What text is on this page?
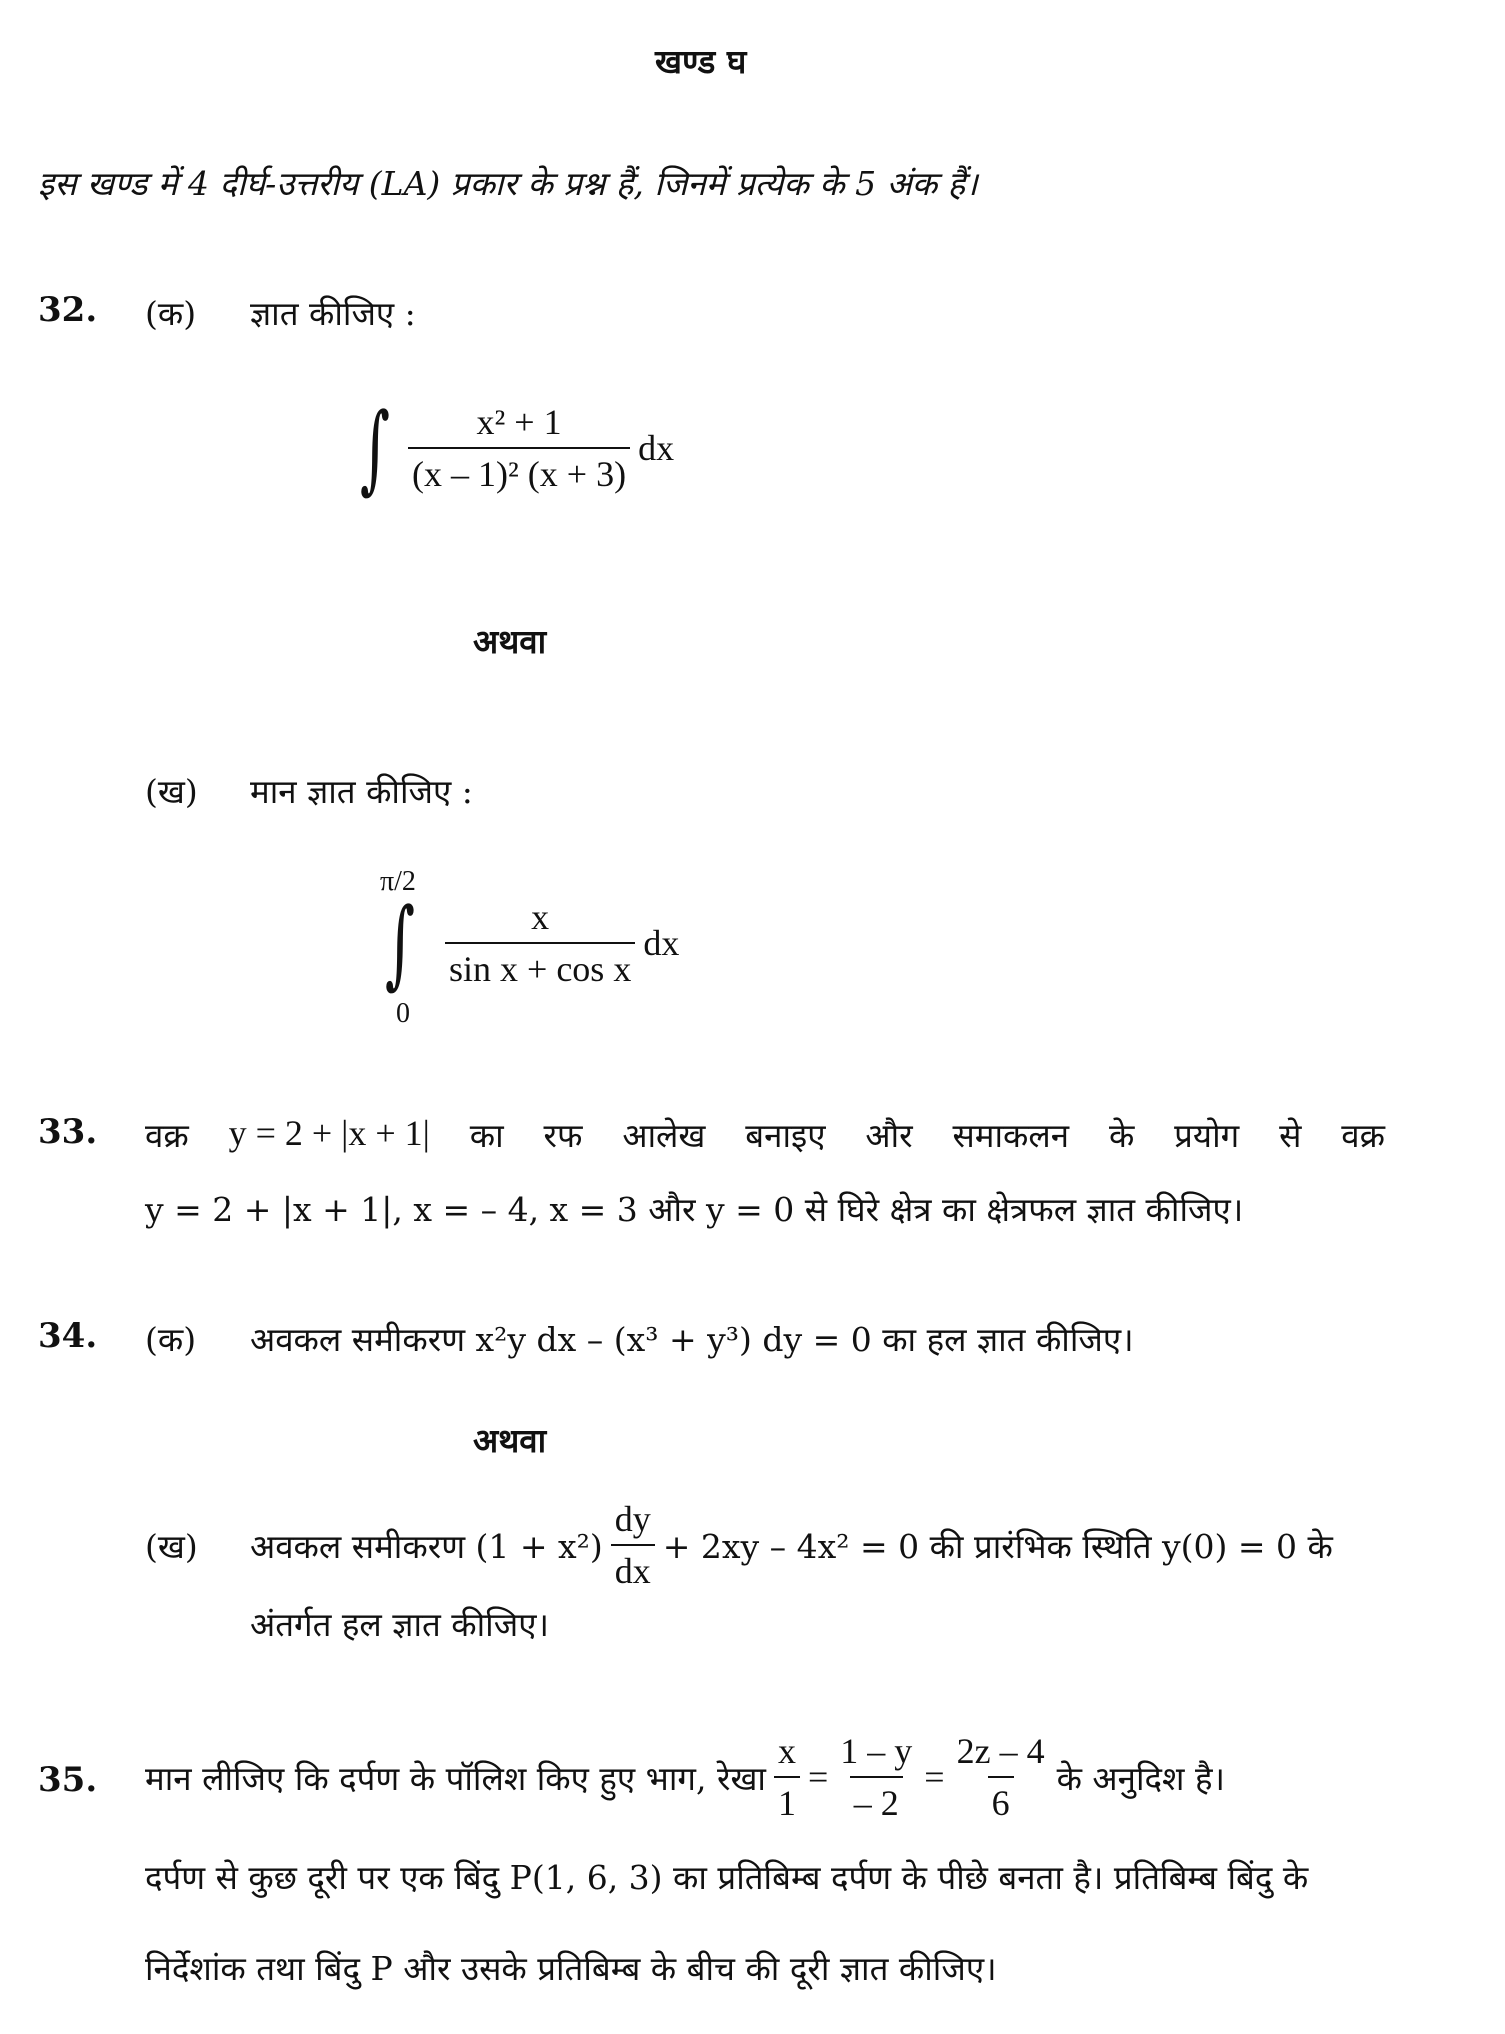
खण्ड घ
इस खण्ड में 4 दीर्घ-उत्तरीय (LA) प्रकार के प्रश्न हैं, जिनमें प्रत्येक के 5 अंक हैं।
32. (क) ज्ञात कीजिए :
∫ $\frac{\text{x² + 1}}{\text{(x – 1)² (x + 3)}}$ dx
अथवा
(ख) मान ज्ञात कीजिए :
π/2
0
∫ $\frac{x}{\text{sin x + cos x}}$ dx
33. वक्र y = 2 + |x + 1| का रफ आलेख बनाइए और समाकलन के प्रयोग से वक्र
y = 2 + |x + 1|, x = – 4, x = 3 और y = 0 से घिरे क्षेत्र का क्षेत्रफल ज्ञात कीजिए।
34. (क) अवकल समीकरण x²y dx – (x³ + y³) dy = 0 का हल ज्ञात कीजिए।
अथवा
(ख) अवकल समीकरण $(1 + x^2) \frac{dy}{dx} + 2xy - 4x^2 = 0$ की प्रारंभिक स्थिति y(0) = 0 के
अंतर्गत हल ज्ञात कीजिए।
35. मान लीजिए कि दर्पण के पॉलिश किए हुए भाग, रेखा $\frac{x}{1} = \frac{1 - y}{- 2} = \frac{2z - 4}{6}$ के अनुदिश है।
दर्पण से कुछ दूरी पर एक बिंदु P(1, 6, 3) का प्रतिबिम्ब दर्पण के पीछे बनता है। प्रतिबिम्ब बिंदु के
निर्देशांक तथा बिंदु P और उसके प्रतिबिम्ब के बीच की दूरी ज्ञात कीजिए।
